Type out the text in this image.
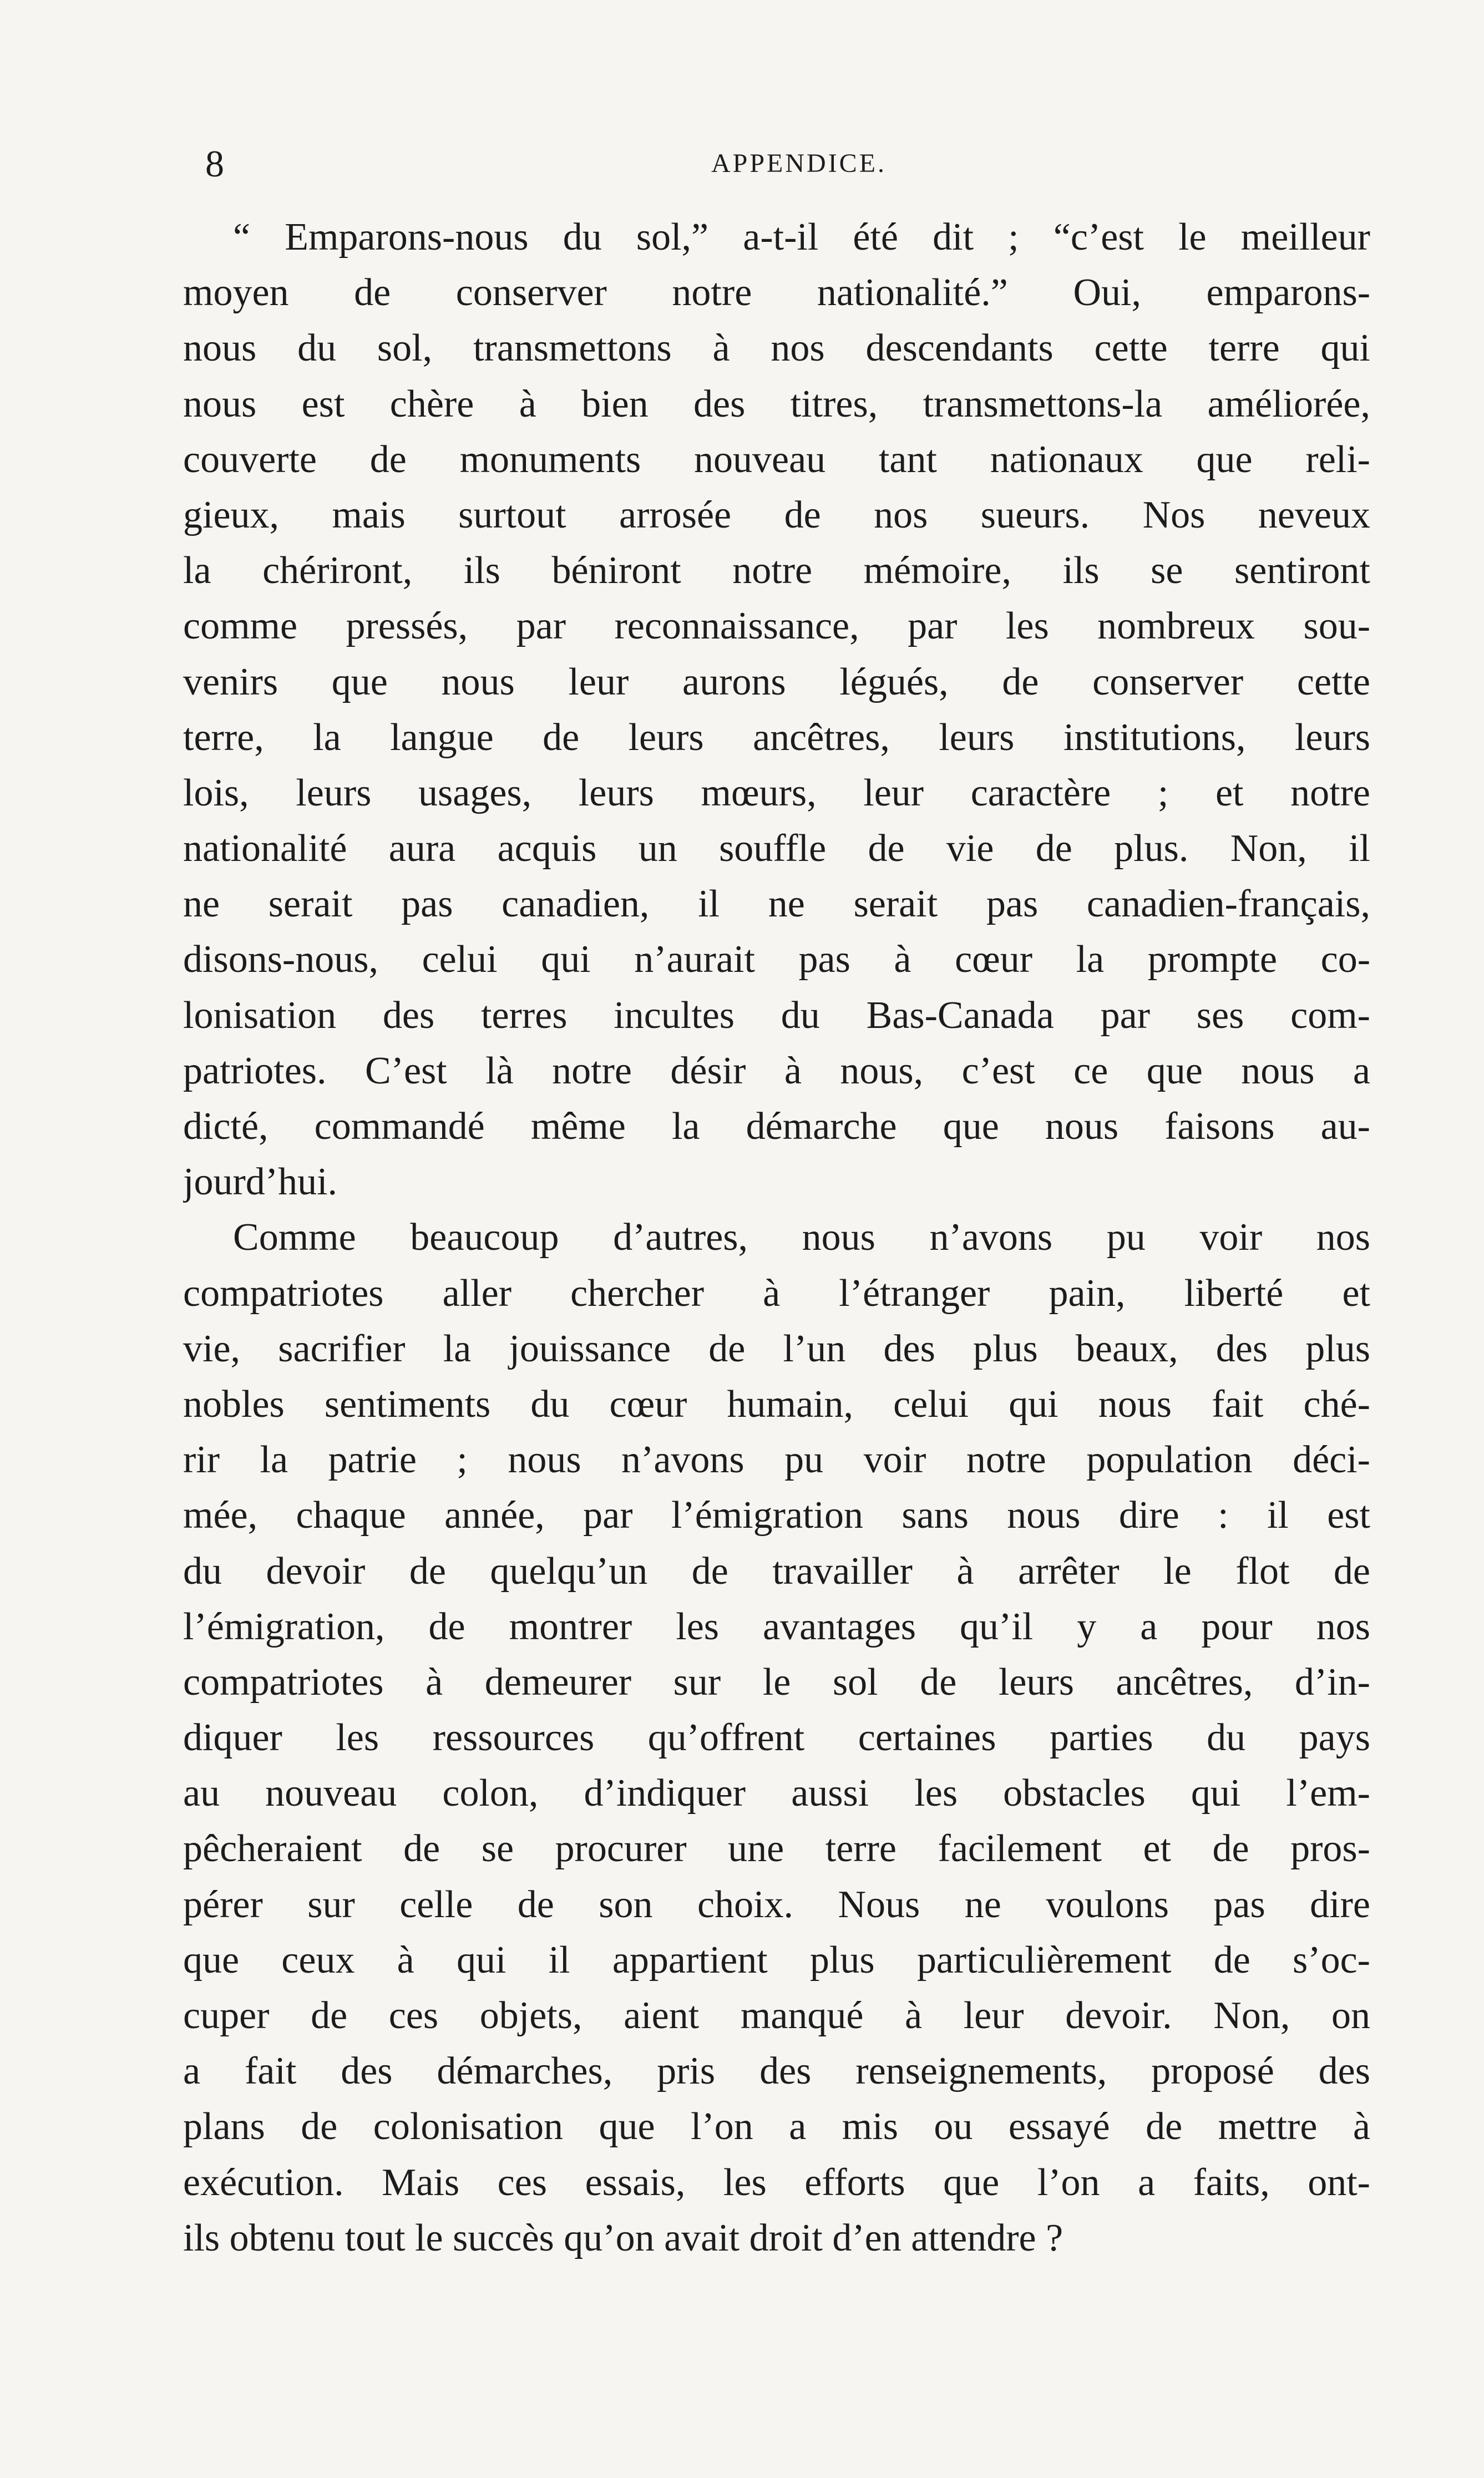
8	APPENDICE.
“ Emparons-nous du sol,” a-t-il été dit ; “c’est le meilleur
moyen de conserver notre nationalité.” Oui, emparons-
nous du sol, transmettons à nos descendants cette terre qui
nous est chère à bien des titres, transmettons-la améliorée,
couverte de monuments nouveau tant nationaux que reli-
gieux, mais surtout arrosée de nos sueurs. Nos neveux
la chériront, ils béniront notre mémoire, ils se sentiront
comme pressés, par reconnaissance, par les nombreux sou-
venirs que nous leur aurons légués, de conserver cette
terre, la langue de leurs ancêtres, leurs institutions, leurs
lois, leurs usages, leurs mœurs, leur caractère ; et notre
nationalité aura acquis un souffle de vie de plus. Non, il
ne serait pas canadien, il ne serait pas canadien-français,
disons-nous, celui qui n’aurait pas à cœur la prompte co-
lonisation des terres incultes du Bas-Canada par ses com-
patriotes. C’est là notre désir à nous, c’est ce que nous a
dicté, commandé même la démarche que nous faisons au-
jourd’hui.
Comme beaucoup d’autres, nous n’avons pu voir nos
compatriotes aller chercher à l’étranger pain, liberté et
vie, sacrifier la jouissance de l’un des plus beaux, des plus
nobles sentiments du cœur humain, celui qui nous fait ché-
rir la patrie ; nous n’avons pu voir notre population déci-
mée, chaque année, par l’émigration sans nous dire : il est
du devoir de quelqu’un de travailler à arrêter le flot de
l’émigration, de montrer les avantages qu’il y a pour nos
compatriotes à demeurer sur le sol de leurs ancêtres, d’in-
diquer les ressources qu’offrent certaines parties du pays
au nouveau colon, d’indiquer aussi les obstacles qui l’em-
pêcheraient de se procurer une terre facilement et de pros-
pérer sur celle de son choix. Nous ne voulons pas dire
que ceux à qui il appartient plus particulièrement de s’oc-
cuper de ces objets, aient manqué à leur devoir. Non, on
a fait des démarches, pris des renseignements, proposé des
plans de colonisation que l’on a mis ou essayé de mettre à
exécution. Mais ces essais, les efforts que l’on a faits, ont-
ils obtenu tout le succès qu’on avait droit d’en attendre ?
